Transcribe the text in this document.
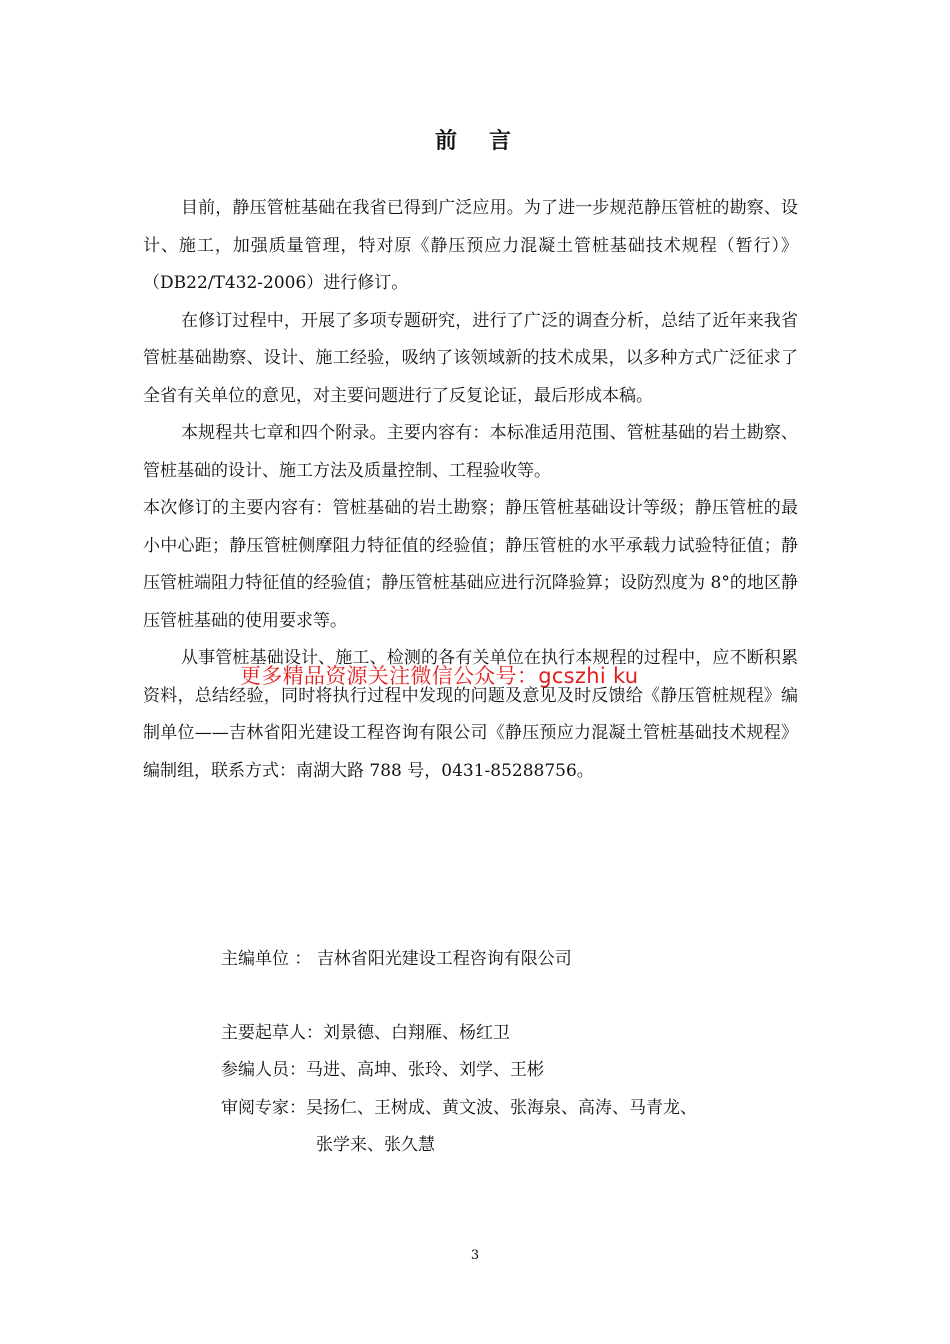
前 言

目前，静压管桩基础在我省已得到广泛应用。为了进一步规范静压管桩的勘察、设计、施工，加强质量管理，特对原《静压预应力混凝土管桩基础技术规程（暂行）》（DB22/T432-2006）进行修订。

在修订过程中，开展了多项专题研究，进行了广泛的调查分析，总结了近年来我省管桩基础勘察、设计、施工经验，吸纳了该领域新的技术成果，以多种方式广泛征求了全省有关单位的意见，对主要问题进行了反复论证，最后形成本稿。

本规程共七章和四个附录。主要内容有：本标准适用范围、管桩基础的岩土勘察、管桩基础的设计、施工方法及质量控制、工程验收等。

本次修订的主要内容有：管桩基础的岩土勘察；静压管桩基础设计等级；静压管桩的最小中心距；静压管桩侧摩阻力特征值的经验值；静压管桩的水平承载力试验特征值；静压管桩端阻力特征值的经验值；静压管桩基础应进行沉降验算；设防烈度为 8°的地区静压管桩基础的使用要求等。

从事管桩基础设计、施工、检测的各有关单位在执行本规程的过程中，应不断积累资料，总结经验，同时将执行过程中发现的问题及意见及时反馈给《静压管桩规程》编制单位——吉林省阳光建设工程咨询有限公司《静压预应力混凝土管桩基础技术规程》编制组，联系方式：南湖大路 788 号，0431-85288756。

更多精品资源关注微信公众号：gcszhi ku
主编单位 ： 吉林省阳光建设工程咨询有限公司
主要起草人：刘景德、白翔雁、杨红卫
参编人员：马进、高坤、张玲、刘学、王彬
审阅专家：吴扬仁、王树成、黄文波、张海泉、高涛、马青龙、
张学来、张久慧
3
